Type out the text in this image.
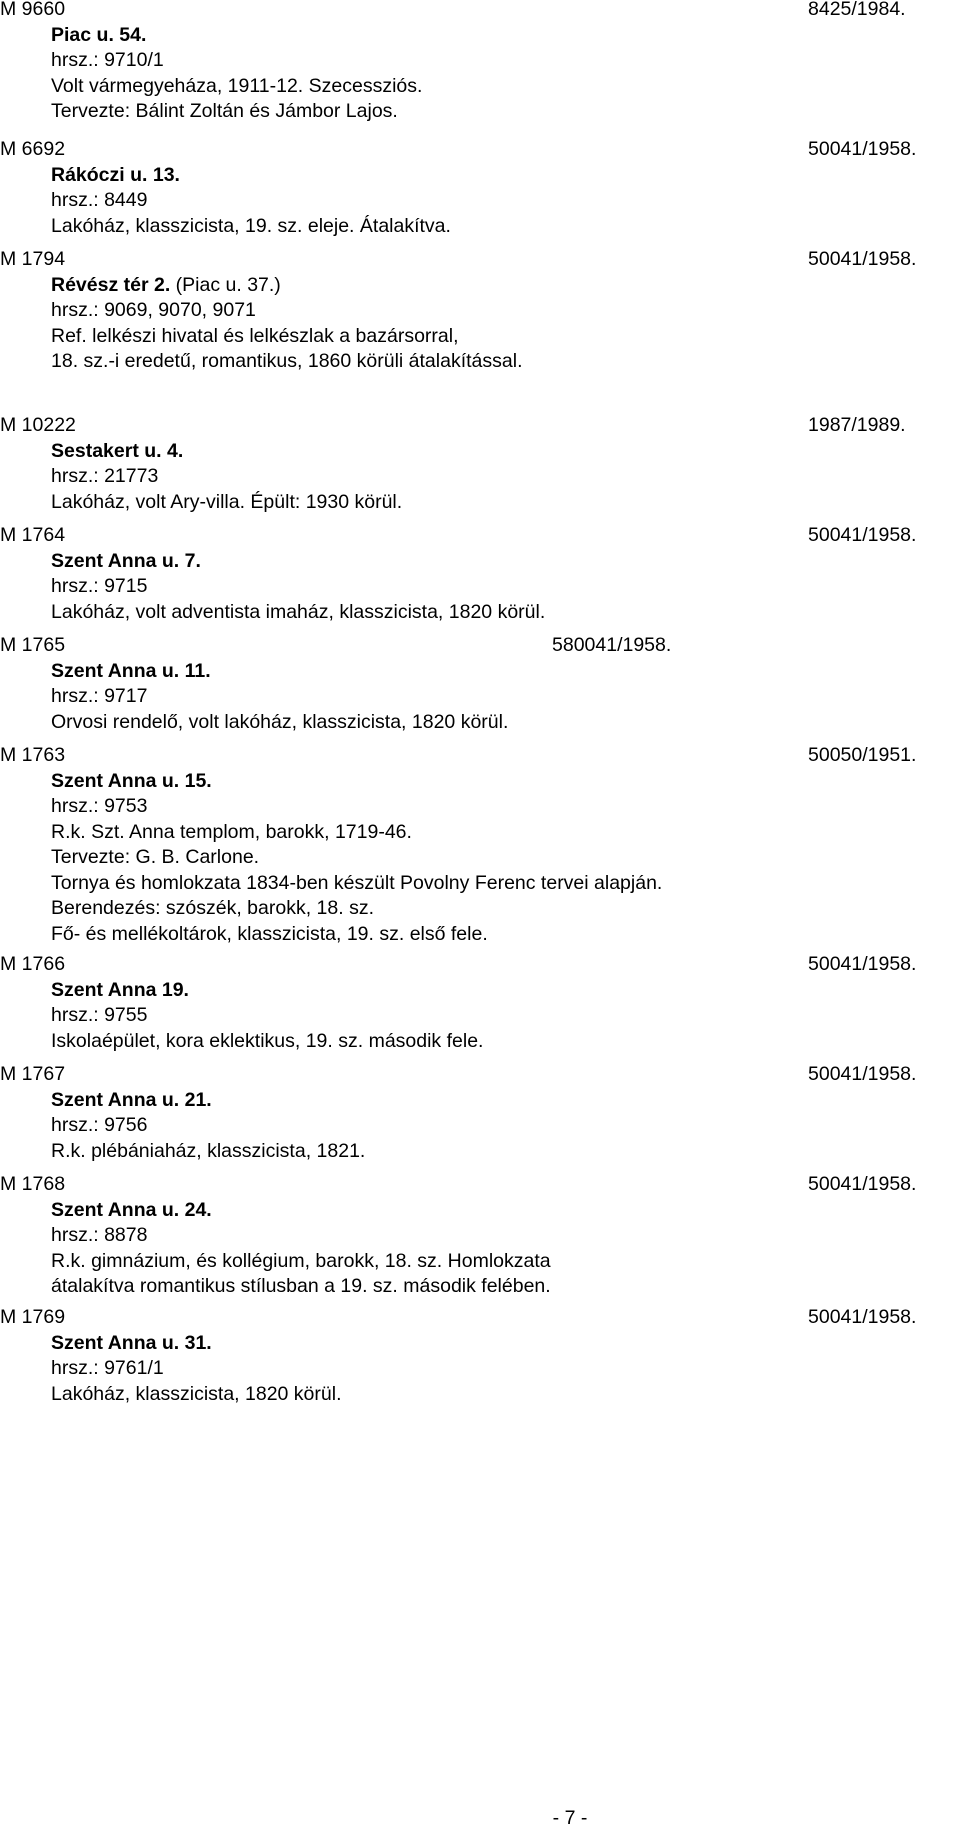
M 9660	8425/1984.
Piac u. 54.
hrsz.: 9710/1
Volt vármegyeháza, 1911-12. Szecessziós.
Tervezte: Bálint Zoltán és Jámbor Lajos.
M 6692	50041/1958.
Rákóczi u. 13.
hrsz.: 8449
Lakóház, klasszicista, 19. sz. eleje. Átalakítva.
M 1794	50041/1958.
Révész tér 2. (Piac u. 37.)
hrsz.: 9069, 9070, 9071
Ref. lelkészi hivatal és lelkészlak a bazársorral,
18. sz.-i eredetű, romantikus, 1860 körüli átalakítással.
M 10222	1987/1989.
Sestakert u. 4.
hrsz.: 21773
Lakóház, volt Ary-villa. Épült: 1930 körül.
M 1764	50041/1958.
Szent Anna u. 7.
hrsz.: 9715
Lakóház, volt adventista imaház, klasszicista, 1820 körül.
M 1765	580041/1958.
Szent Anna u. 11.
hrsz.: 9717
Orvosi rendelő, volt lakóház, klasszicista, 1820 körül.
M 1763	50050/1951.
Szent Anna u. 15.
hrsz.: 9753
R.k. Szt. Anna templom, barokk, 1719-46.
Tervezte: G. B. Carlone.
Tornya és homlokzata 1834-ben készült Povolny Ferenc tervei alapján.
Berendezés: szószék, barokk, 18. sz.
Fő- és mellékoltárok, klasszicista, 19. sz. első fele.
M 1766	50041/1958.
Szent Anna 19.
hrsz.: 9755
Iskolaépület, kora eklektikus, 19. sz. második fele.
M 1767	50041/1958.
Szent Anna u. 21.
hrsz.: 9756
R.k. plébániaház, klasszicista, 1821.
M 1768	50041/1958.
Szent Anna u. 24.
hrsz.: 8878
R.k. gimnázium, és kollégium, barokk, 18. sz. Homlokzata
átalakítva romantikus stílusban a 19. sz. második felében.
M 1769	50041/1958.
Szent Anna u. 31.
hrsz.: 9761/1
Lakóház, klasszicista, 1820 körül.
- 7 -
